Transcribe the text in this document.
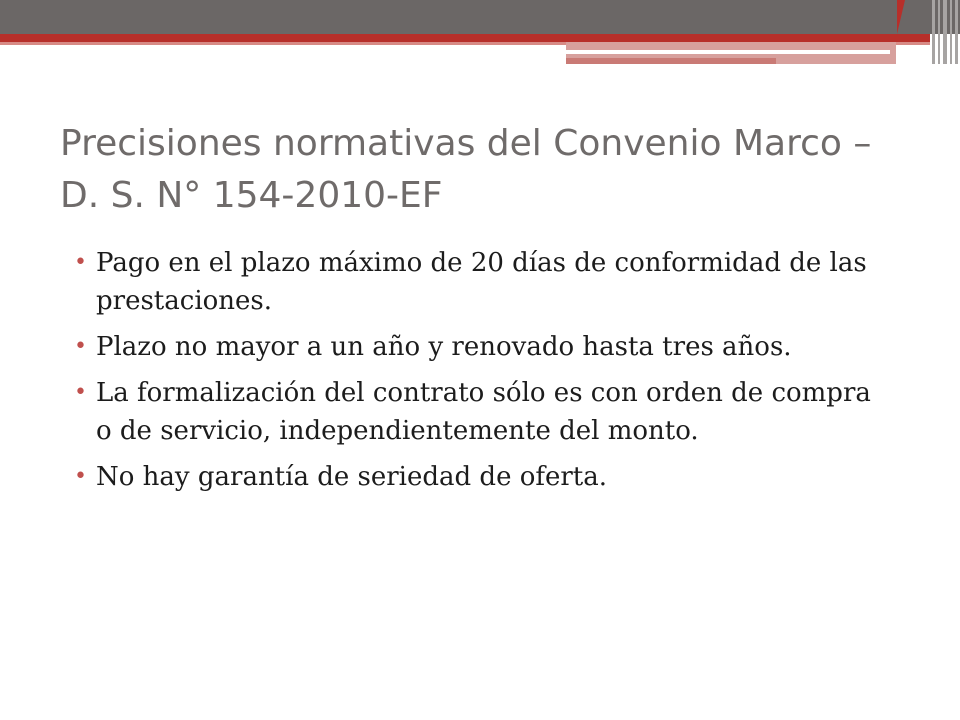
Precisiones normativas del Convenio Marco – D. S. N° 154-2010-EF
• Pago en el plazo máximo de 20 días de conformidad de las prestaciones.
• Plazo no mayor a un año y renovado hasta tres años.
• La formalización del contrato sólo es con orden de compra o de servicio, independientemente del monto.
• No hay garantía de seriedad de oferta.
